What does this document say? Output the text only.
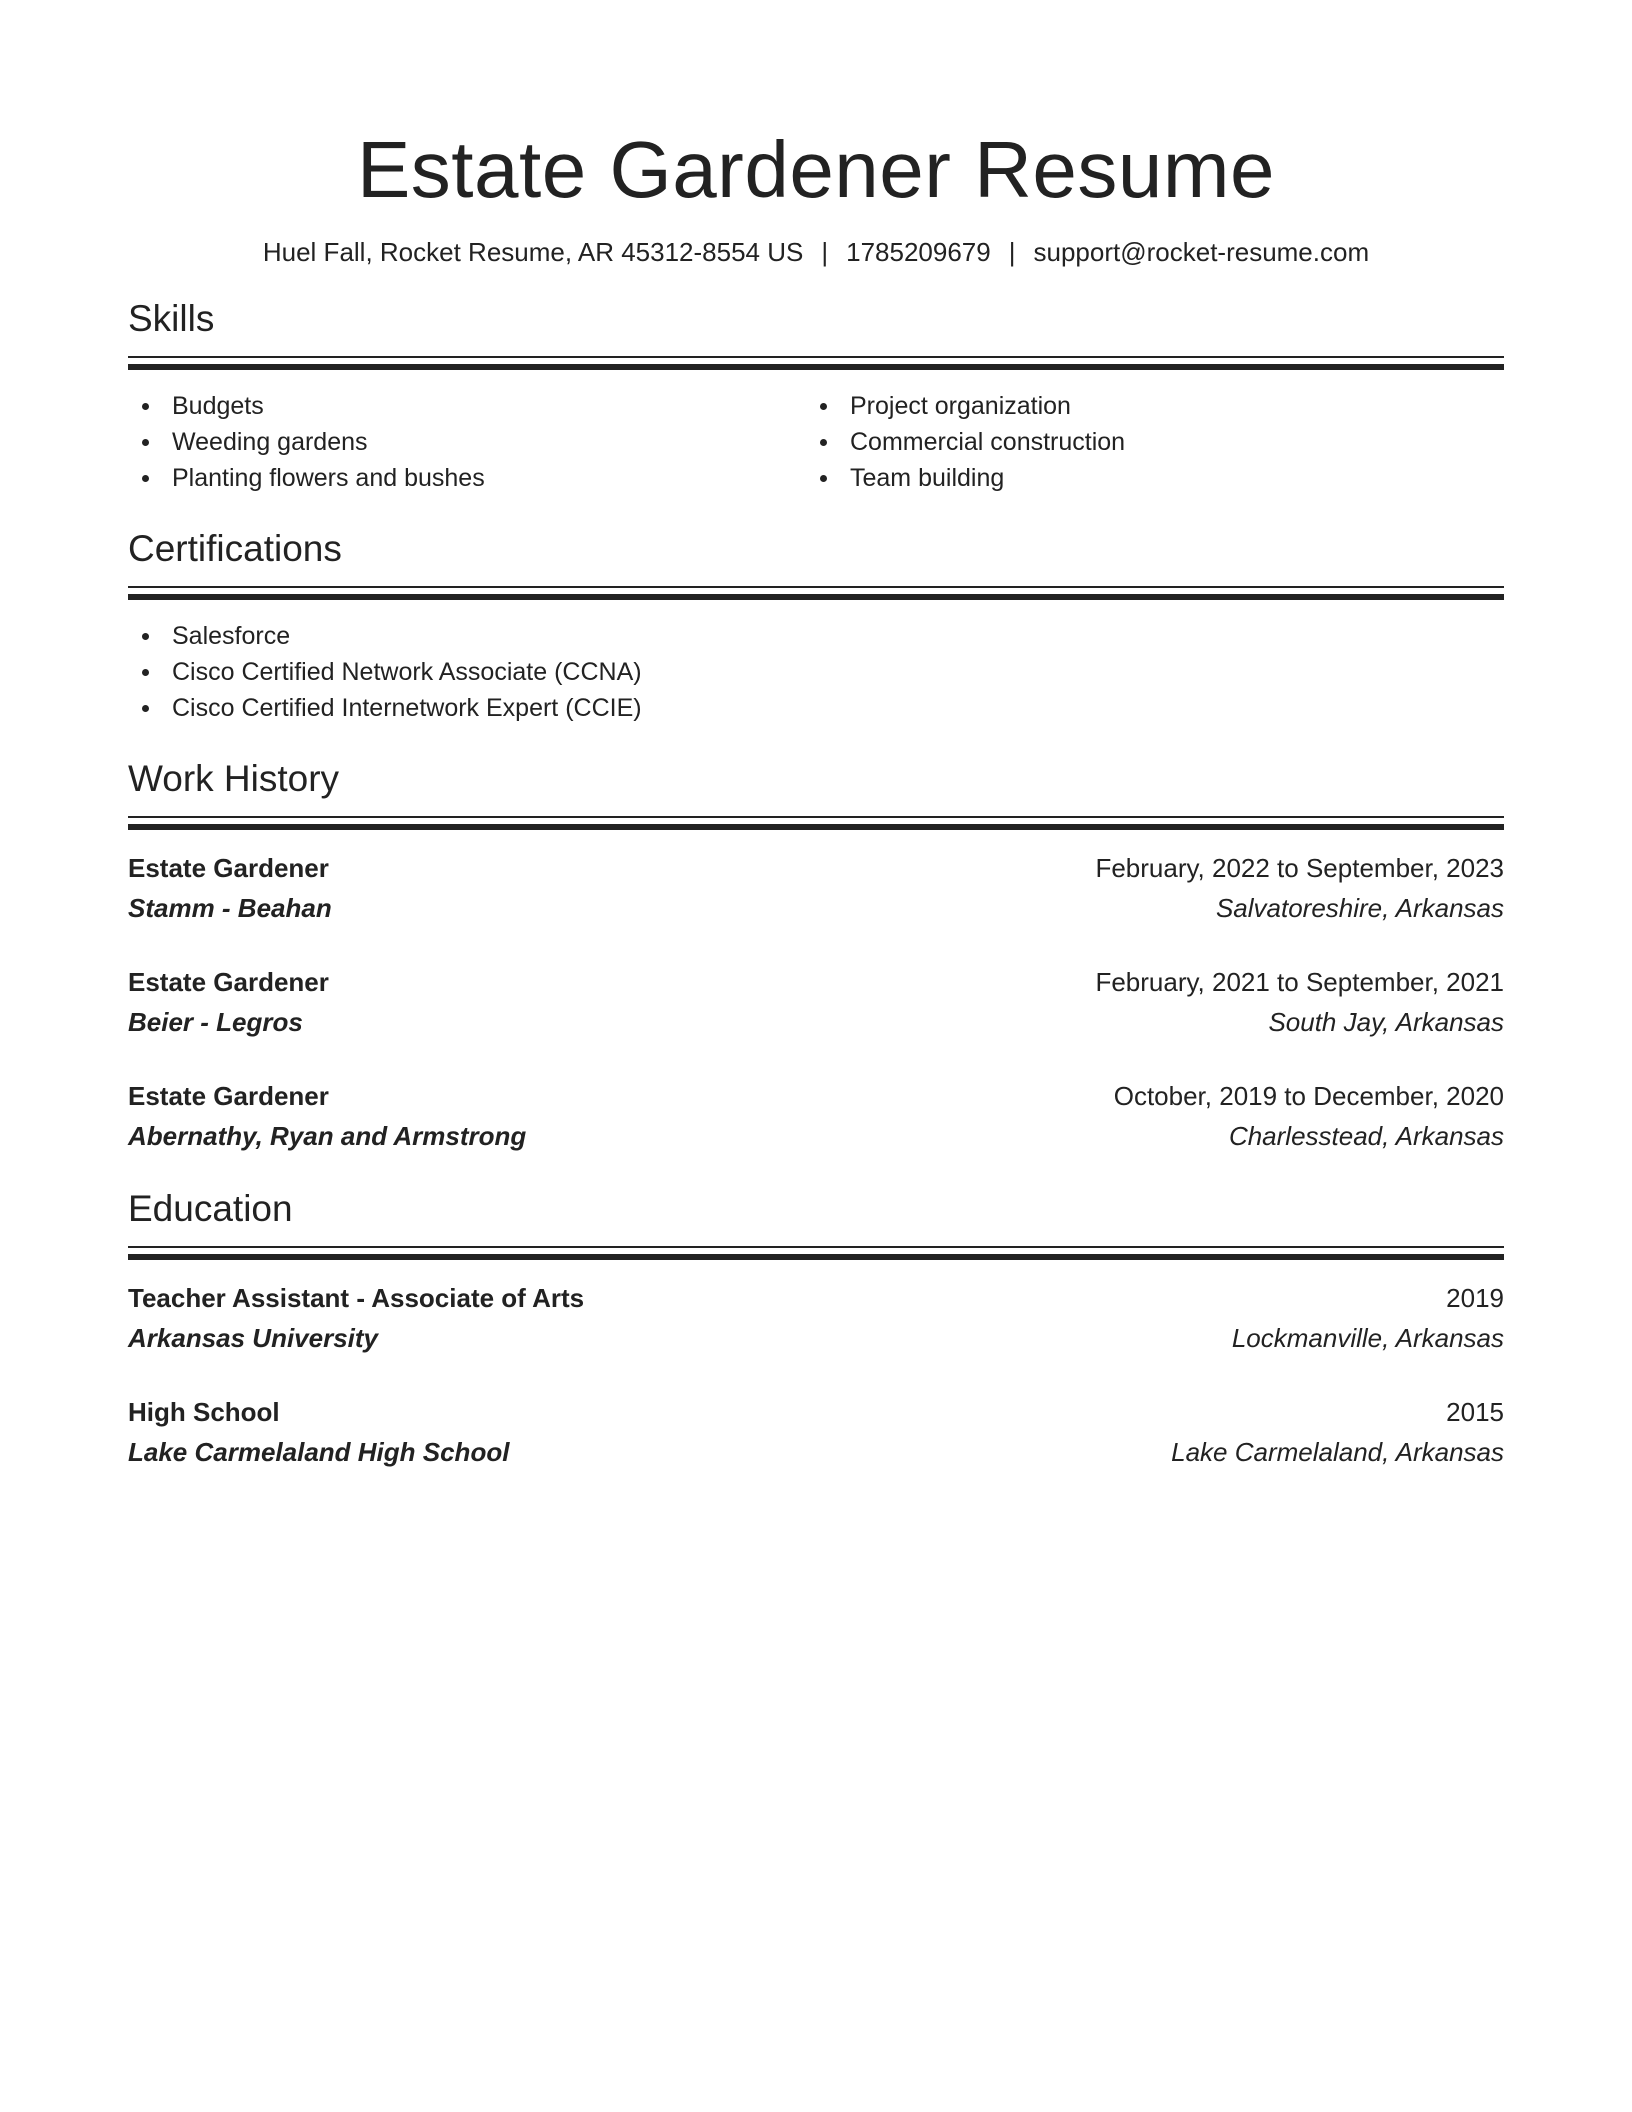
Estate Gardener Resume
Huel Fall, Rocket Resume, AR 45312-8554 US | 1785209679 | support@rocket-resume.com
Skills
Budgets
Weeding gardens
Planting flowers and bushes
Project organization
Commercial construction
Team building
Certifications
Salesforce
Cisco Certified Network Associate (CCNA)
Cisco Certified Internetwork Expert (CCIE)
Work History
Estate Gardener	February, 2022 to September, 2023
Stamm - Beahan	Salvatoreshire, Arkansas
Estate Gardener	February, 2021 to September, 2021
Beier - Legros	South Jay, Arkansas
Estate Gardener	October, 2019 to December, 2020
Abernathy, Ryan and Armstrong	Charlesstead, Arkansas
Education
Teacher Assistant - Associate of Arts	2019
Arkansas University	Lockmanville, Arkansas
High School	2015
Lake Carmelaland High School	Lake Carmelaland, Arkansas
